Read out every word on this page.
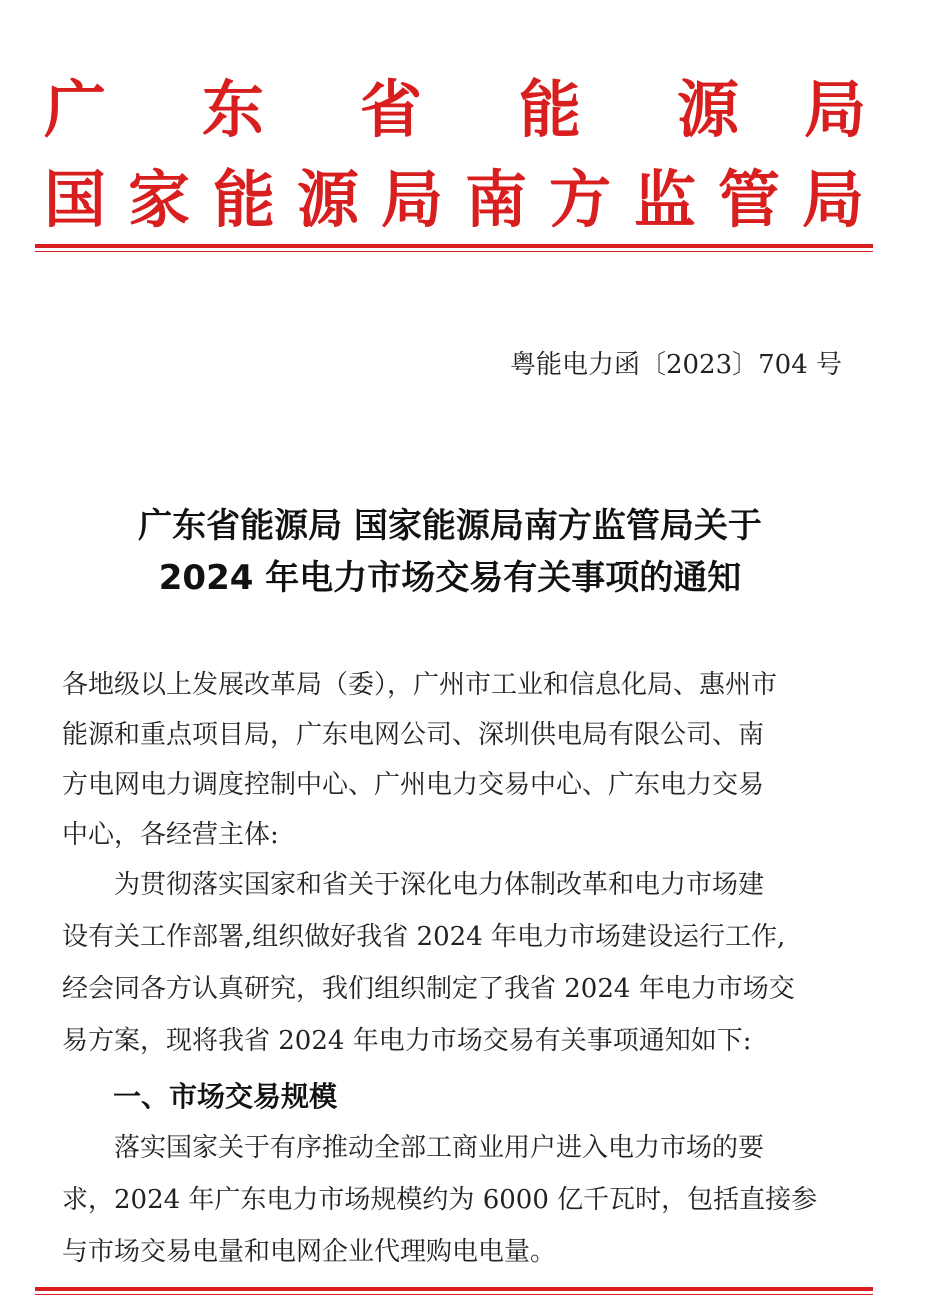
广 东 省 能 源 局
国 家 能 源 局 南 方 监 管 局
粤能电力函〔2023〕704 号
广东省能源局 国家能源局南方监管局关于
2024 年电力市场交易有关事项的通知
各地级以上发展改革局（委），广州市工业和信息化局、惠州市
能源和重点项目局，广东电网公司、深圳供电局有限公司、南
方电网电力调度控制中心、广州电力交易中心、广东电力交易
中心，各经营主体:
　　为贯彻落实国家和省关于深化电力体制改革和电力市场建
设有关工作部署,组织做好我省 2024 年电力市场建设运行工作,
经会同各方认真研究，我们组织制定了我省 2024 年电力市场交
易方案，现将我省 2024 年电力市场交易有关事项通知如下:
一、市场交易规模
　　落实国家关于有序推动全部工商业用户进入电力市场的要
求，2024 年广东电力市场规模约为 6000 亿千瓦时，包括直接参
与市场交易电量和电网企业代理购电电量。
